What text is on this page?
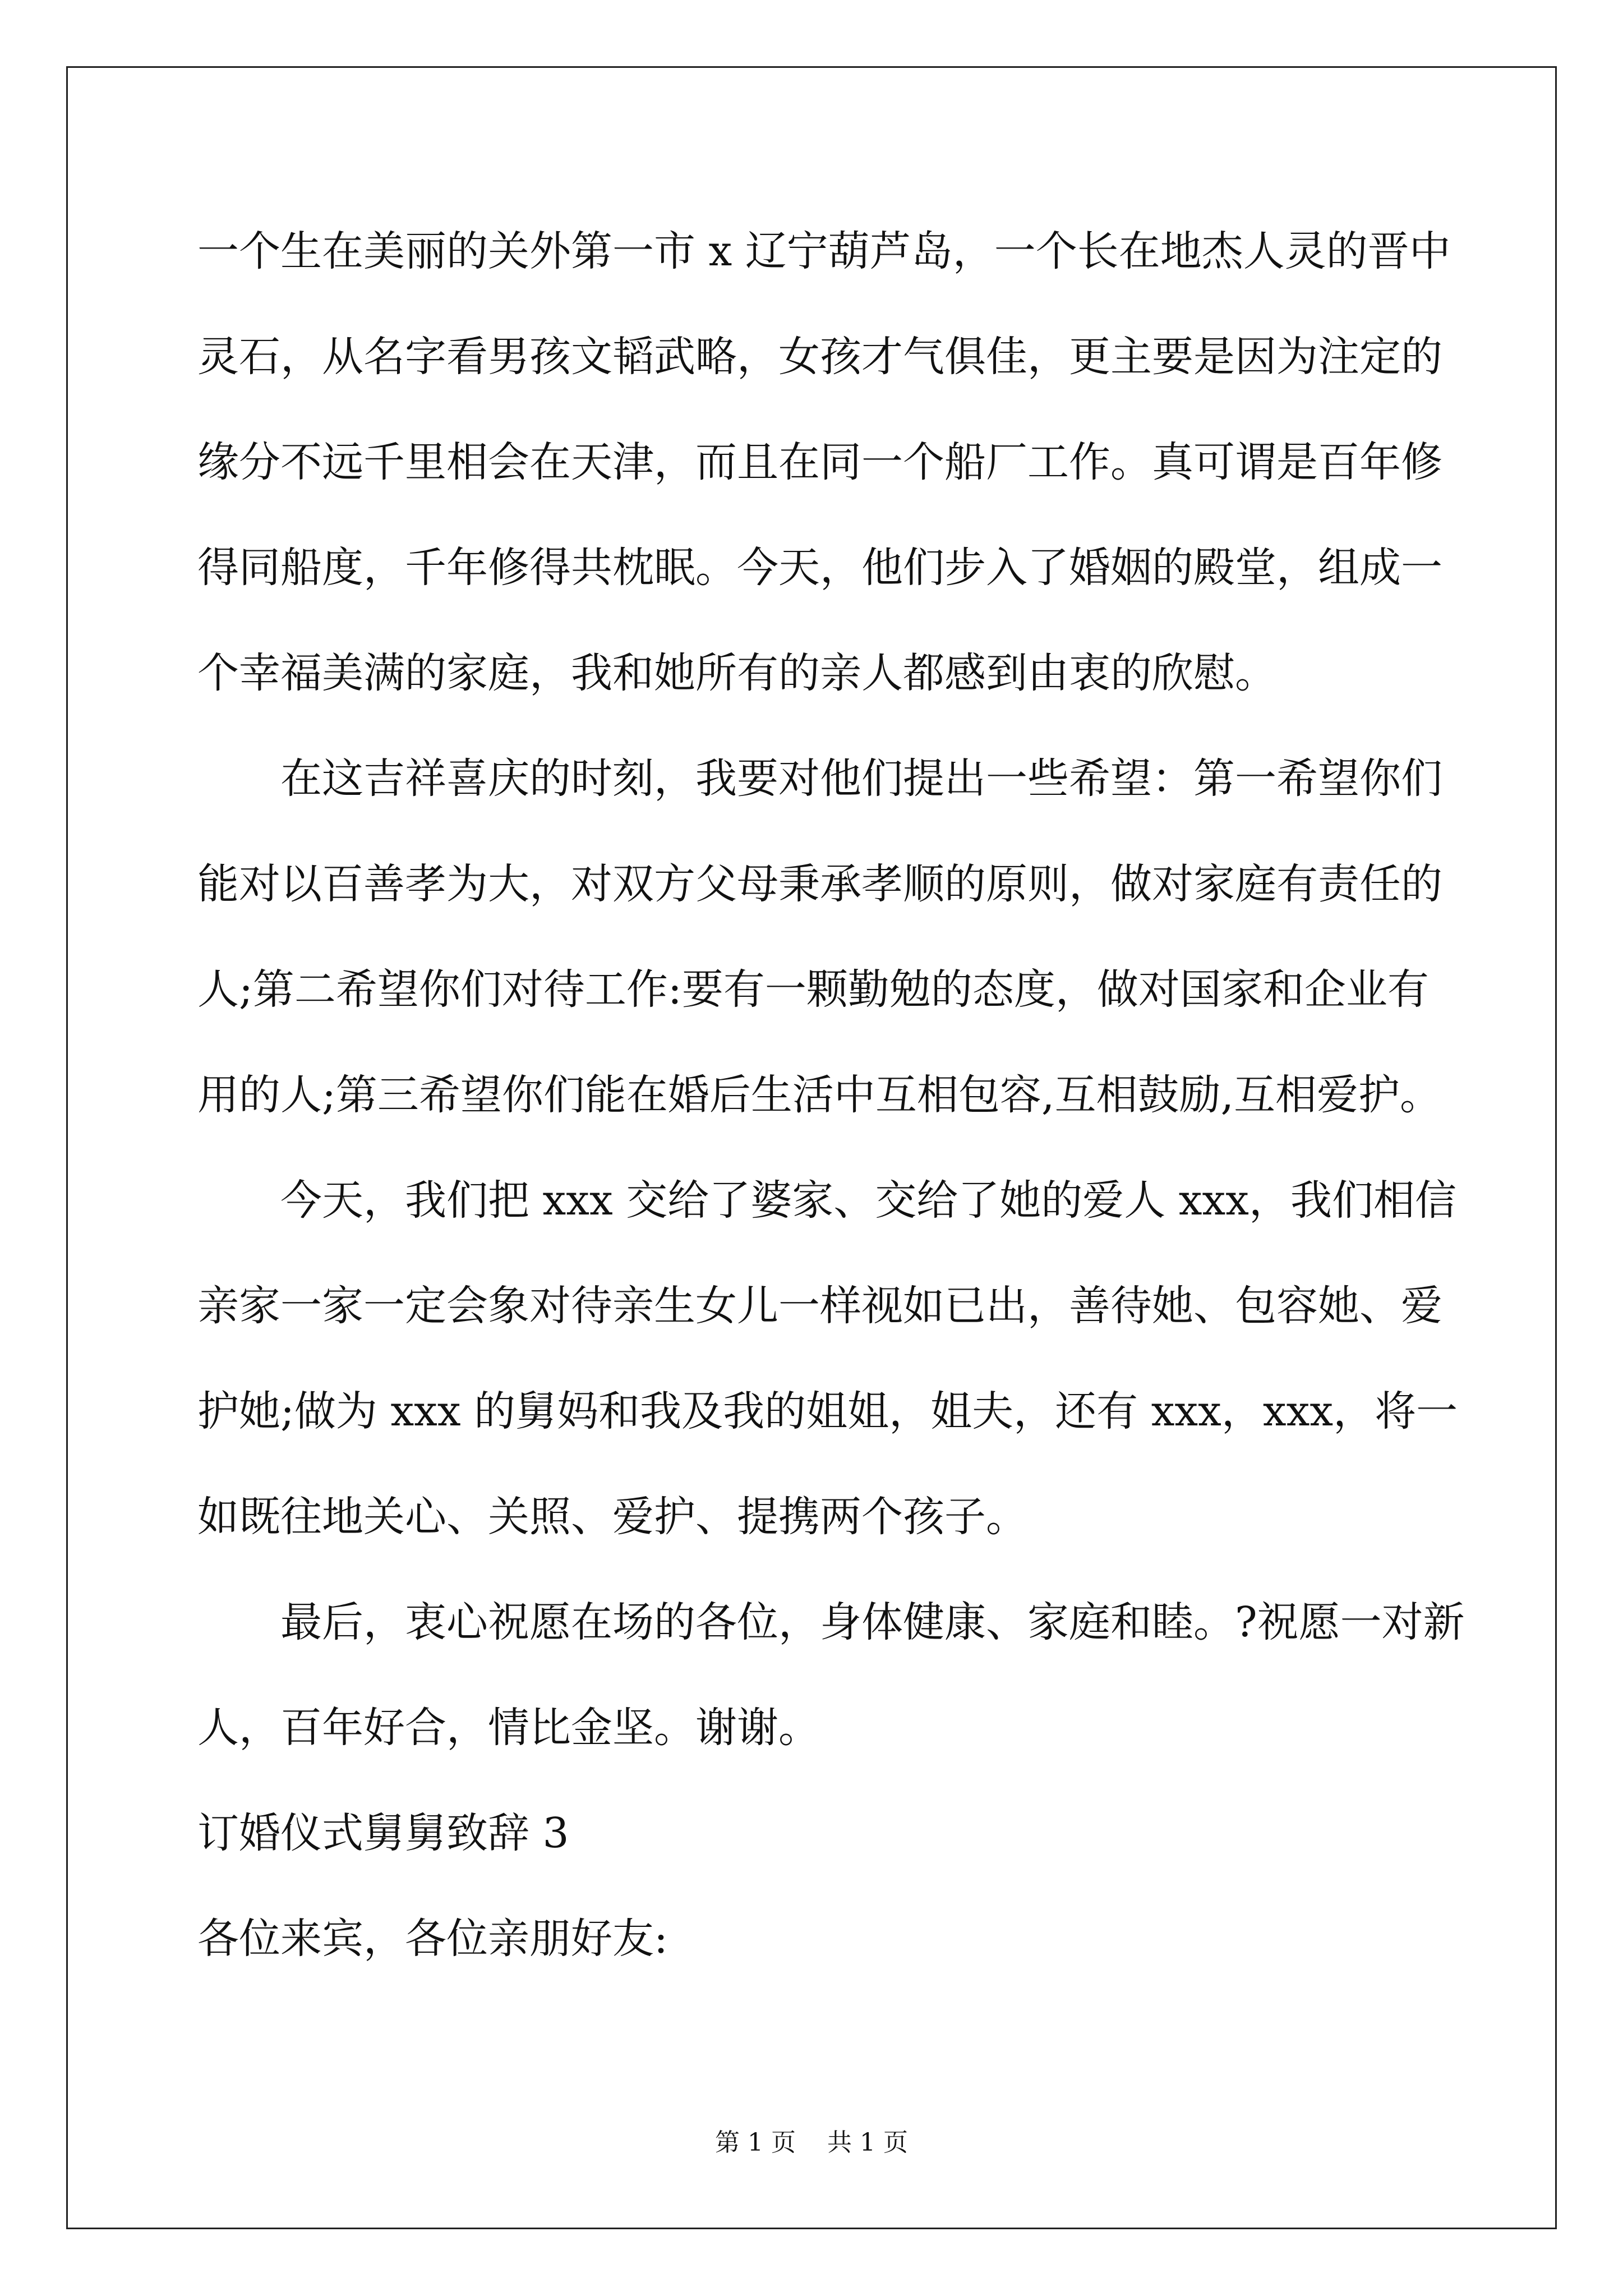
一个生在美丽的关外第一市 x 辽宁葫芦岛，一个长在地杰人灵的晋中
灵石，从名字看男孩文韬武略，女孩才气俱佳，更主要是因为注定的
缘分不远千里相会在天津，而且在同一个船厂工作。真可谓是百年修
得同船度，千年修得共枕眠。今天，他们步入了婚姻的殿堂，组成一
个幸福美满的家庭，我和她所有的亲人都感到由衷的欣慰。
在这吉祥喜庆的时刻，我要对他们提出一些希望：第一希望你们
能对以百善孝为大，对双方父母秉承孝顺的原则，做对家庭有责任的
人;第二希望你们对待工作:要有一颗勤勉的态度，做对国家和企业有
用的人;第三希望你们能在婚后生活中互相包容,互相鼓励,互相爱护。
今天，我们把 xxx 交给了婆家、交给了她的爱人 xxx，我们相信
亲家一家一定会象对待亲生女儿一样视如已出，善待她、包容她、爱
护她;做为 xxx 的舅妈和我及我的姐姐，姐夫，还有 xxx，xxx，将一
如既往地关心、关照、爱护、提携两个孩子。
最后，衷心祝愿在场的各位，身体健康、家庭和睦。?祝愿一对新
人，百年好合，情比金坚。谢谢。
订婚仪式舅舅致辞 3
各位来宾，各位亲朋好友:
第 1 页 共 1 页
